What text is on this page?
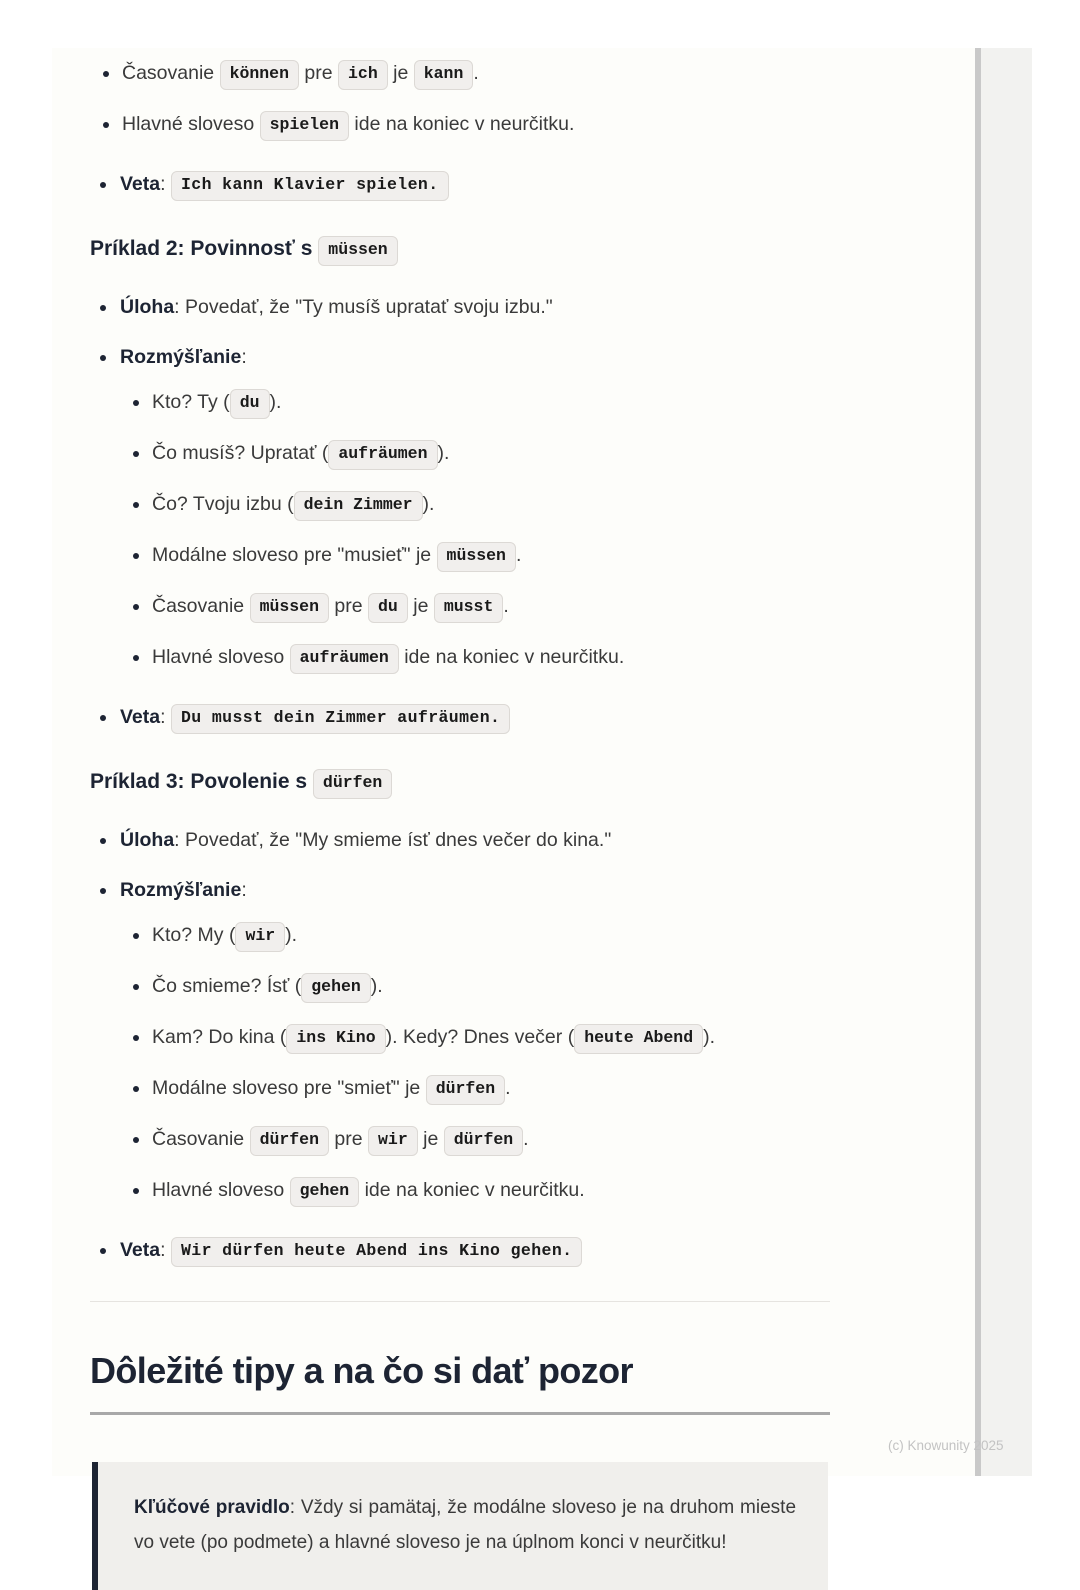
Časovanie können pre ich je kann .
Hlavné sloveso spielen ide na koniec v neurčitku.
Veta: Ich kann Klavier spielen.
Príklad 2: Povinnosť s müssen
Úloha: Povedať, že "Ty musíš upratať svoju izbu."
Rozmýšľanie:
Kto? Ty ( du ).
Čo musíš? Upratať ( aufräumen ).
Čo? Tvoju izbu ( dein Zimmer ).
Modálne sloveso pre "musieť" je müssen .
Časovanie müssen pre du je musst .
Hlavné sloveso aufräumen ide na koniec v neurčitku.
Veta: Du musst dein Zimmer aufräumen.
Príklad 3: Povolenie s dürfen
Úloha: Povedať, že "My smieme ísť dnes večer do kina."
Rozmýšľanie:
Kto? My ( wir ).
Čo smieme? Ísť ( gehen ).
Kam? Do kina ( ins Kino ). Kedy? Dnes večer ( heute Abend ).
Modálne sloveso pre "smieť" je dürfen .
Časovanie dürfen pre wir je dürfen .
Hlavné sloveso gehen ide na koniec v neurčitku.
Veta: Wir dürfen heute Abend ins Kino gehen.
Dôležité tipy a na čo si dať pozor

Kľúčové pravidlo: Vždy si pamätaj, že modálne sloveso je na druhom mieste vo vete (po podmete) a hlavné sloveso je na úplnom konci v neurčitku!

(c) Knowunity 2025
